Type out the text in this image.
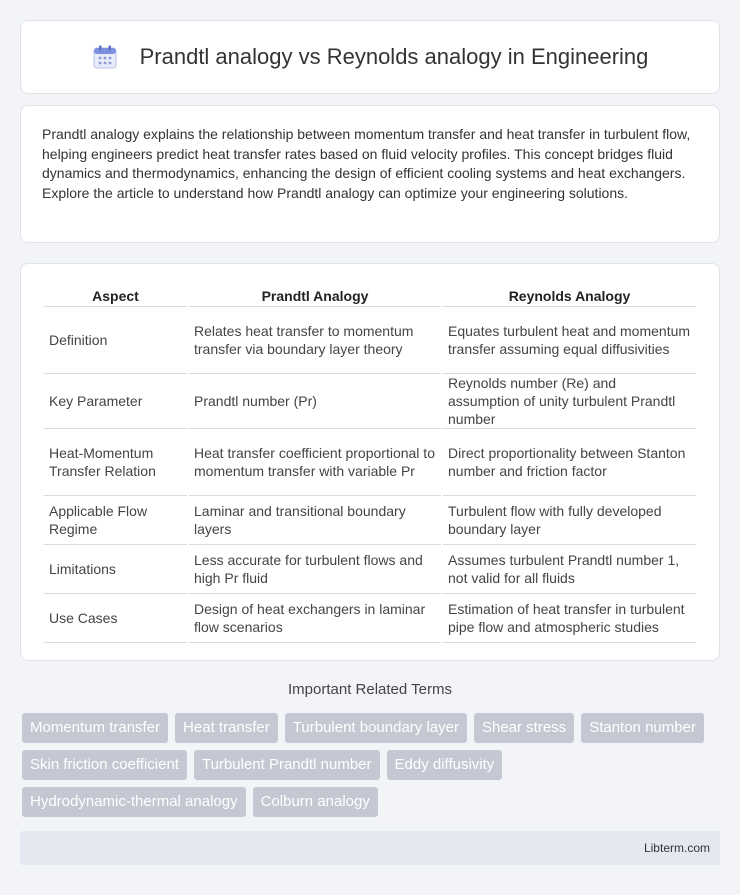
Prandtl analogy vs Reynolds analogy in Engineering

Prandtl analogy explains the relationship between momentum transfer and heat transfer in turbulent flow, helping engineers predict heat transfer rates based on fluid velocity profiles. This concept bridges fluid dynamics and thermodynamics, enhancing the design of efficient cooling systems and heat exchangers. Explore the article to understand how Prandtl analogy can optimize your engineering solutions.

Aspect	Prandtl Analogy	Reynolds Analogy
Definition	Relates heat transfer to momentum transfer via boundary layer theory	Equates turbulent heat and momentum transfer assuming equal diffusivities
Key Parameter	Prandtl number (Pr)	Reynolds number (Re) and assumption of unity turbulent Prandtl number
Heat-Momentum Transfer Relation	Heat transfer coefficient proportional to momentum transfer with variable Pr	Direct proportionality between Stanton number and friction factor
Applicable Flow Regime	Laminar and transitional boundary layers	Turbulent flow with fully developed boundary layer
Limitations	Less accurate for turbulent flows and high Pr fluid	Assumes turbulent Prandtl number 1, not valid for all fluids
Use Cases	Design of heat exchangers in laminar flow scenarios	Estimation of heat transfer in turbulent pipe flow and atmospheric studies
Important Related Terms
Momentum transfer	Heat transfer	Turbulent boundary layer	Shear stress	Stanton number
Skin friction coefficient	Turbulent Prandtl number	Eddy diffusivity
Hydrodynamic-thermal analogy	Colburn analogy
Libterm.com
